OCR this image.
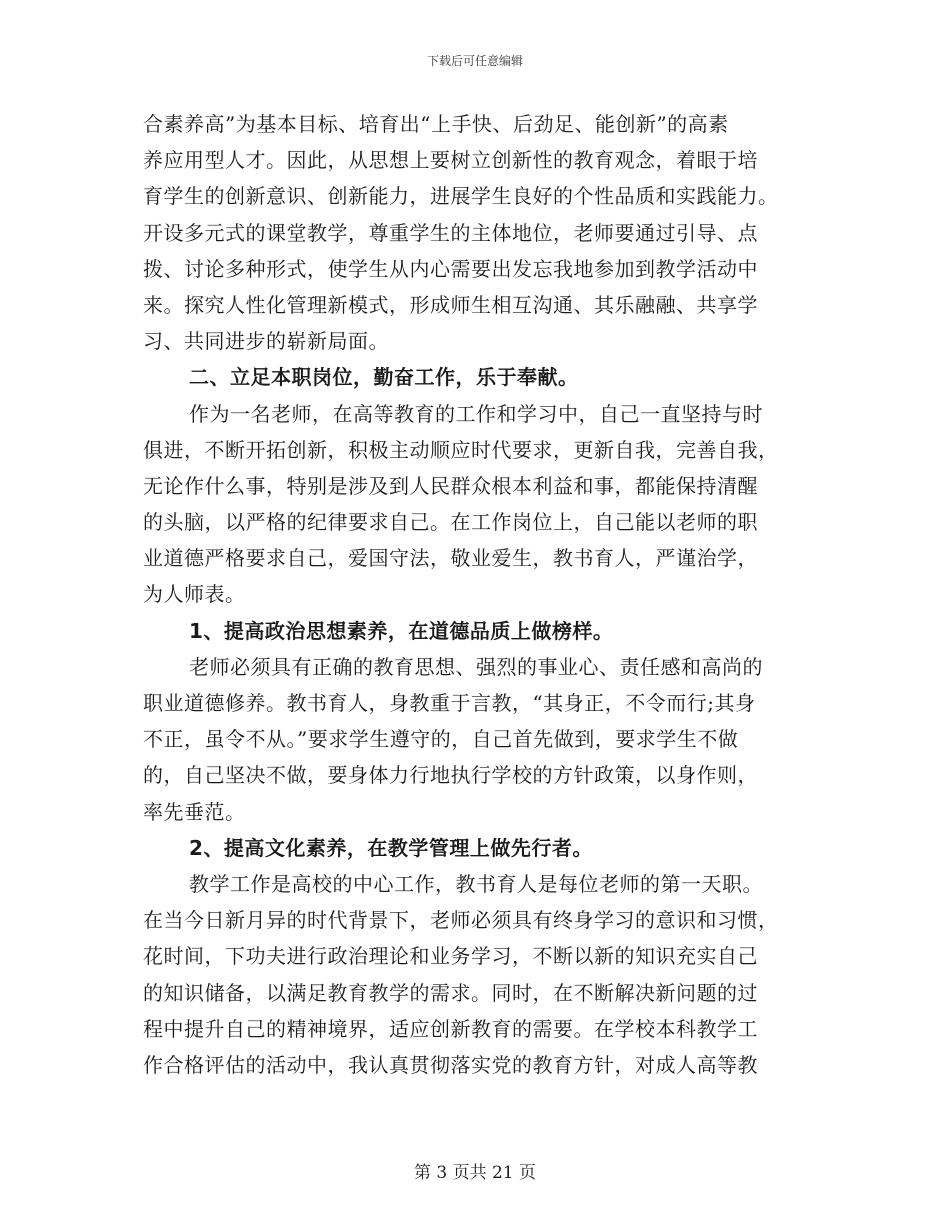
下载后可任意编辑
合素养高”为基本目标、培育出“上手快、后劲足、能创新”的高素
养应用型人才。因此，从思想上要树立创新性的教育观念，着眼于培
育学生的创新意识、创新能力，进展学生良好的个性品质和实践能力。
开设多元式的课堂教学，尊重学生的主体地位，老师要通过引导、点
拨、讨论多种形式，使学生从内心需要出发忘我地参加到教学活动中
来。探究人性化管理新模式，形成师生相互沟通、其乐融融、共享学
习、共同进步的崭新局面。
二、立足本职岗位，勤奋工作，乐于奉献。
作为一名老师，在高等教育的工作和学习中，自己一直坚持与时
俱进，不断开拓创新，积极主动顺应时代要求，更新自我，完善自我，
无论作什么事，特别是涉及到人民群众根本利益和事，都能保持清醒
的头脑，以严格的纪律要求自己。在工作岗位上，自己能以老师的职
业道德严格要求自己，爱国守法，敬业爱生，教书育人，严谨治学，
为人师表。
1、提高政治思想素养，在道德品质上做榜样。
老师必须具有正确的教育思想、强烈的事业心、责任感和高尚的
职业道德修养。教书育人，身教重于言教，“其身正，不令而行;其身
不正，虽令不从。”要求学生遵守的，自己首先做到，要求学生不做
的，自己坚决不做，要身体力行地执行学校的方针政策，以身作则，
率先垂范。
2、提高文化素养，在教学管理上做先行者。
教学工作是高校的中心工作，教书育人是每位老师的第一天职。
在当今日新月异的时代背景下，老师必须具有终身学习的意识和习惯，
花时间，下功夫进行政治理论和业务学习，不断以新的知识充实自己
的知识储备，以满足教育教学的需求。同时，在不断解决新问题的过
程中提升自己的精神境界，适应创新教育的需要。在学校本科教学工
作合格评估的活动中，我认真贯彻落实党的教育方针，对成人高等教
第 3 页共 21 页
